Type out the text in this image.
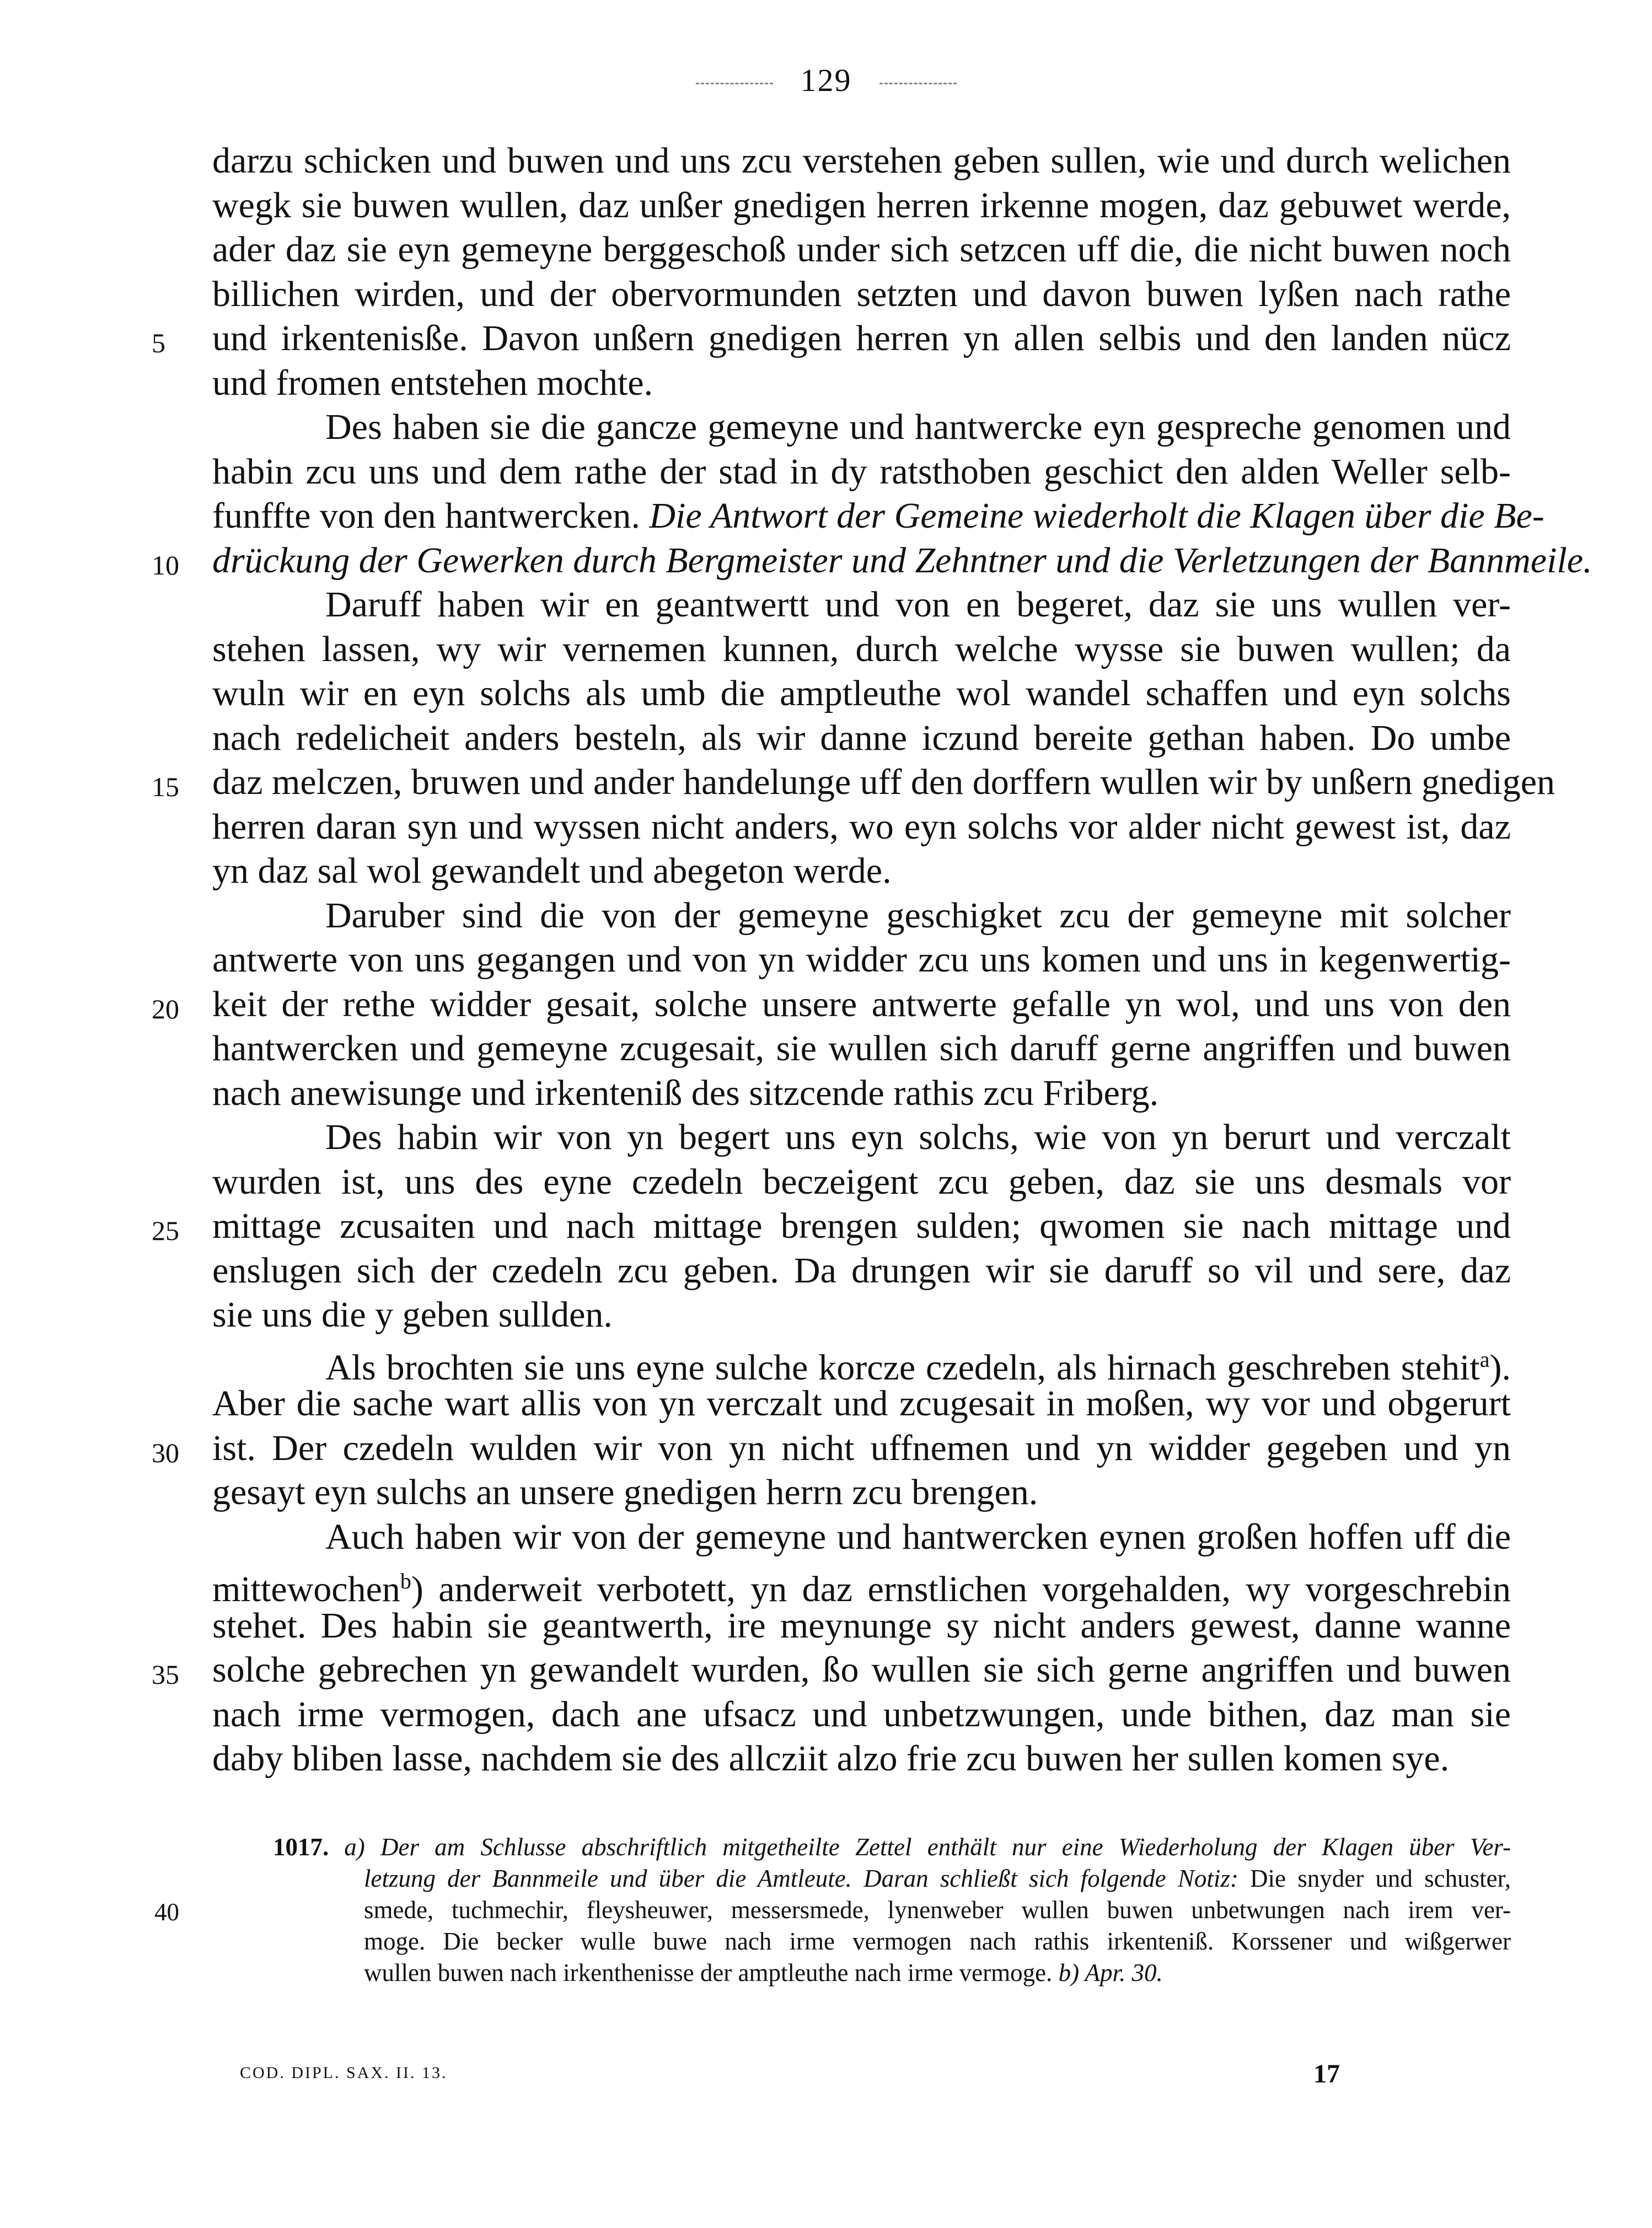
129
darzu schicken und buwen und uns zcu verstehen geben sullen, wie und durch welichen
wegk sie buwen wullen, daz unßer gnedigen herren irkenne mogen, daz gebuwet werde,
ader daz sie eyn gemeyne berggeschoß under sich setzcen uff die, die nicht buwen noch
billichen wirden, und der obervormunden setzten und davon buwen lyßen nach rathe
5	und irkentenisße. Davon unßern gnedigen herren yn allen selbis und den landen nücz
und fromen entstehen mochte.
Des haben sie die gancze gemeyne und hantwercke eyn gespreche genomen und
habin zcu uns und dem rathe der stad in dy ratsthoben geschict den alden Weller selb-
funffte von den hantwercken. Die Antwort der Gemeine wiederholt die Klagen über die Be-
10 drückung der Gewerken durch Bergmeister und Zehntner und die Verletzungen der Bannmeile.
Daruff haben wir en geantwertt und von en begeret, daz sie uns wullen ver-
stehen lassen, wy wir vernemen kunnen, durch welche wysse sie buwen wullen; da
wuln wir en eyn solchs als umb die amptleuthe wol wandel schaffen und eyn solchs
nach redelicheit anders besteln, als wir danne iczund bereite gethan haben. Do umbe
15 daz melczen, bruwen und ander handelunge uff den dorffern wullen wir by unßern gnedigen
herren daran syn und wyssen nicht anders, wo eyn solchs vor alder nicht gewest ist, daz
yn daz sal wol gewandelt und abegeton werde.
Daruber sind die von der gemeyne geschigket zcu der gemeyne mit solcher
antwerte von uns gegangen und von yn widder zcu uns komen und uns in kegenwertig-
20 keit der rethe widder gesait, solche unsere antwerte gefalle yn wol, und uns von den
hantwercken und gemeyne zcugesait, sie wullen sich daruff gerne angriffen und buwen
nach anewisunge und irkenteniß des sitzcende rathis zcu Friberg.
Des habin wir von yn begert uns eyn solchs, wie von yn berurt und verczalt
wurden ist, uns des eyne czedeln beczeigent zcu geben, daz sie uns desmals vor
25 mittage zcusaiten und nach mittage brengen sulden; qwomen sie nach mittage und
enslugen sich der czedeln zcu geben. Da drungen wir sie daruff so vil und sere, daz
sie uns die y geben sullden.
Als brochten sie uns eyne sulche korcze czedeln, als hirnach geschreben stehit$^a$).
Aber die sache wart allis von yn verczalt und zcugesait in moßen, wy vor und obgerurt
30 ist. Der czedeln wulden wir von yn nicht uffnemen und yn widder gegeben und yn
gesayt eyn sulchs an unsere gnedigen herrn zcu brengen.
Auch haben wir von der gemeyne und hantwercken eynen großen hoffen uff die
mittewochen$^b$) anderweit verbotett, yn daz ernstlichen vorgehalden, wy vorgeschrebin
stehet. Des habin sie geantwerth, ire meynunge sy nicht anders gewest, danne wanne
35 solche gebrechen yn gewandelt wurden, ßo wullen sie sich gerne angriffen und buwen
nach irme vermogen, dach ane ufsacz und unbetzwungen, unde bithen, daz man sie
daby bliben lasse, nachdem sie des allcziit alzo frie zcu buwen her sullen komen sye.
1017. a) Der am Schlusse abschriftlich mitgetheilte Zettel enthält nur eine Wiederholung der Klagen über Ver-
letzung der Bannmeile und über die Amtleute. Daran schließt sich folgende Notiz: Die snyder und schuster,
40	smede, tuchmechir, fleysheuwer, messersmede, lynenweber wullen buwen unbetwungen nach irem ver-
moge. Die becker wulle buwe nach irme vermogen nach rathis irkenteniß. Korssener und wißgerwer
wullen buwen nach irkenthenisse der amptleuthe nach irme vermoge. b) Apr. 30.
COD. DIPL. SAX. II. 13.	17
